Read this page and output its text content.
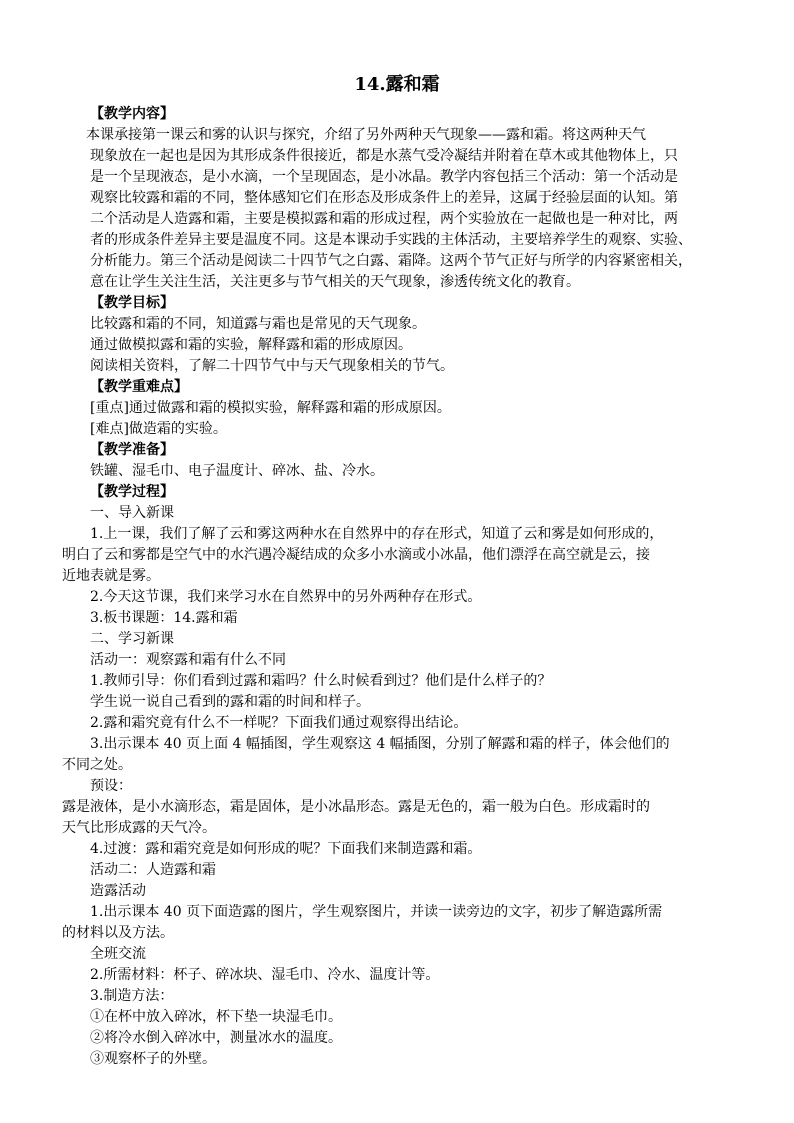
14.露和霜
【教学内容】
本课承接第一课云和雾的认识与探究，介绍了另外两种天气现象——露和霜。将这两种天气
现象放在一起也是因为其形成条件很接近，都是水蒸气受冷凝结并附着在草木或其他物体上，只
是一个呈现液态，是小水滴，一个呈现固态，是小冰晶。教学内容包括三个活动：第一个活动是
观察比较露和霜的不同，整体感知它们在形态及形成条件上的差异，这属于经验层面的认知。第
二个活动是人造露和霜，主要是模拟露和霜的形成过程，两个实验放在一起做也是一种对比，两
者的形成条件差异主要是温度不同。这是本课动手实践的主体活动，主要培养学生的观察、实验、
分析能力。第三个活动是阅读二十四节气之白露、霜降。这两个节气正好与所学的内容紧密相关，
意在让学生关注生活，关注更多与节气相关的天气现象，渗透传统文化的教育。
【教学目标】
比较露和霜的不同，知道露与霜也是常见的天气现象。
通过做模拟露和霜的实验，解释露和霜的形成原因。
阅读相关资料，了解二十四节气中与天气现象相关的节气。
【教学重难点】
[重点]通过做露和霜的模拟实验，解释露和霜的形成原因。
[难点]做造霜的实验。
【教学准备】
铁罐、湿毛巾、电子温度计、碎冰、盐、冷水。
【教学过程】
一、导入新课
1.上一课，我们了解了云和雾这两种水在自然界中的存在形式，知道了云和雾是如何形成的，
明白了云和雾都是空气中的水汽遇冷凝结成的众多小水滴或小冰晶，他们漂浮在高空就是云，接
近地表就是雾。
2.今天这节课，我们来学习水在自然界中的另外两种存在形式。
3.板书课题：14.露和霜
二、学习新课
活动一：观察露和霜有什么不同
1.教师引导：你们看到过露和霜吗？什么时候看到过？他们是什么样子的？
学生说一说自己看到的露和霜的时间和样子。
2.露和霜究竟有什么不一样呢？下面我们通过观察得出结论。
3.出示课本 40 页上面 4 幅插图，学生观察这 4 幅插图，分别了解露和霜的样子，体会他们的
不同之处。
预设：
露是液体，是小水滴形态，霜是固体，是小冰晶形态。露是无色的，霜一般为白色。形成霜时的
天气比形成露的天气冷。
4.过渡：露和霜究竟是如何形成的呢？下面我们来制造露和霜。
活动二：人造露和霜
造露活动
1.出示课本 40 页下面造露的图片，学生观察图片，并读一读旁边的文字，初步了解造露所需
的材料以及方法。
全班交流
2.所需材料：杯子、碎冰块、湿毛巾、冷水、温度计等。
3.制造方法：
①在杯中放入碎冰，杯下垫一块湿毛巾。
②将冷水倒入碎冰中，测量冰水的温度。
③观察杯子的外壁。
